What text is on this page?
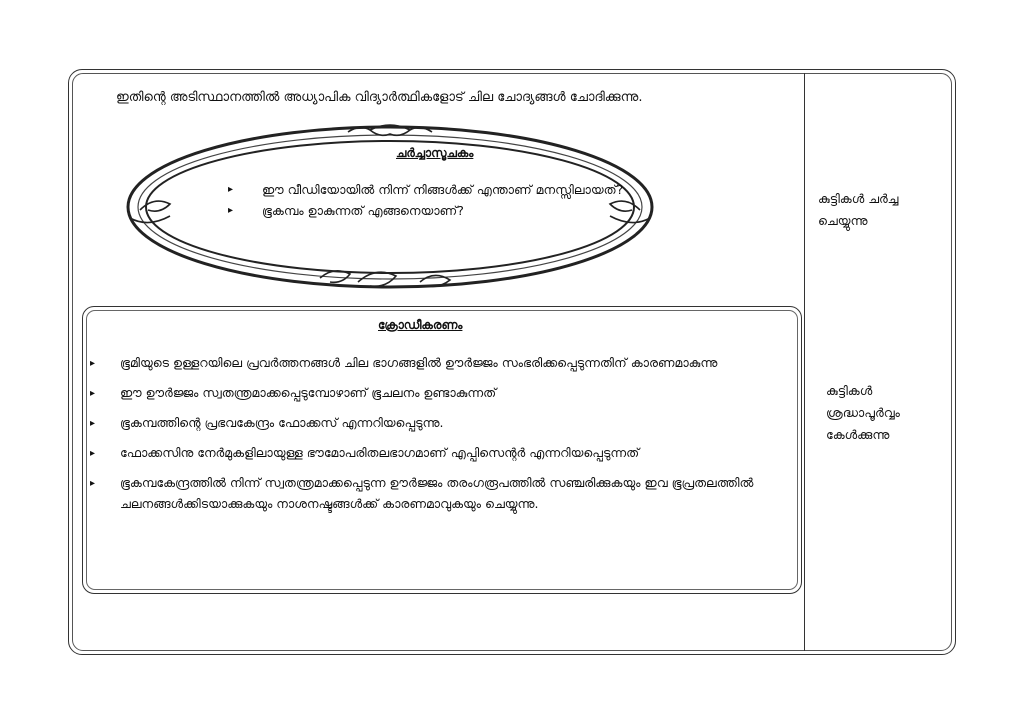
ഇതിന്റെ അടിസ്ഥാനത്തിൽ അധ്യാപിക വിദ്യാർത്ഥികളോട് ചില ചോദ്യങ്ങൾ ചോദിക്കുന്നു.
ചർച്ചാസൂചകം
▸ ഈ വീഡിയോയിൽ നിന്ന് നിങ്ങൾക്ക് എന്താണ് മനസ്സിലായത്?
▸ ഭൂകമ്പം ഉാകുന്നത് എങ്ങനെയാണ്?
കുട്ടികൾ ചർച്ച ചെയ്യുന്നു
കുട്ടികൾ ശ്രദ്ധാപൂർവ്വം കേൾക്കുന്നു
ക്രോഡീകരണം
▸ ഭൂമിയുടെ ഉള്ളറയിലെ പ്രവർത്തനങ്ങൾ ചില ഭാഗങ്ങളിൽ ഊർജ്ജം സംഭരിക്കപ്പെടുന്നതിന് കാരണമാകുന്നു
▸ ഈ ഊർജ്ജം സ്വതന്ത്രമാക്കപ്പെടുമ്പോഴാണ് ഭൂചലനം ഉണ്ടാകുന്നത്
▸ ഭൂകമ്പത്തിന്റെ പ്രഭവകേന്ദ്രം ഫോക്കസ് എന്നറിയപ്പെടുന്നു.
▸ ഫോക്കസിനു നേർമുകളിലായുള്ള ഭൗമോപരിതലഭാഗമാണ് എപ്പിസെന്റർ എന്നറിയപ്പെടുന്നത്
▸ ഭൂകമ്പകേന്ദ്രത്തിൽ നിന്ന് സ്വതന്ത്രമാക്കപ്പെടുന്ന ഊർജ്ജം തരംഗരൂപത്തിൽ സഞ്ചരിക്കുകയും ഇവ ഭൂപ്രതലത്തിൽ ചലനങ്ങൾക്കിടയാക്കുകയും നാശനഷ്ടങ്ങൾക്ക് കാരണമാവുകയും ചെയ്യുന്നു.
